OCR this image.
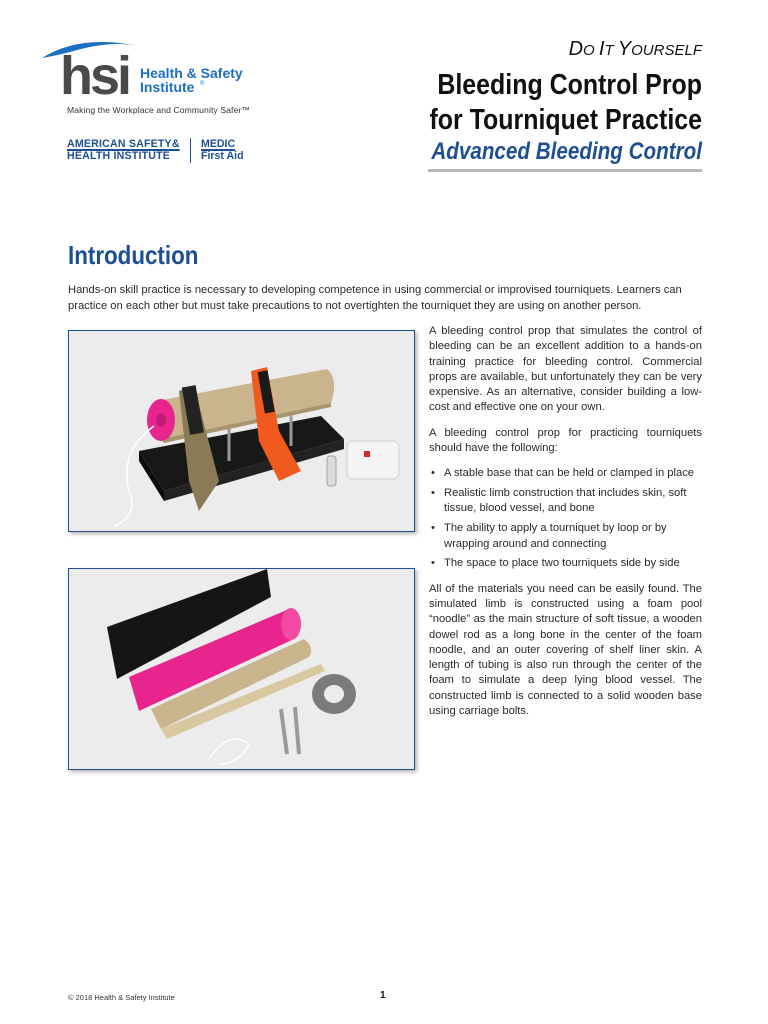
hsi Health & Safety
Institute ®
Making the Workplace and Community Safer™
AMERICAN SAFETY&
HEALTH INSTITUTE
MEDIC
First Aid
DO IT YOURSELF
Bleeding Control Prop
for Tourniquet Practice
Advanced Bleeding Control
Introduction
Hands-on skill practice is necessary to developing competence in using commercial or improvised tourniquets. Learners can practice on each other but must take precautions to not overtighten the tourniquet they are using on another person.

A bleeding control prop that simulates the control of bleeding can be an excellent addition to a hands-on training practice for bleeding control. Commercial props are available, but unfortunately they can be very expensive. As an alternative, consider building a low-cost and effective one on your own.

A bleeding control prop for practicing tourniquets should have the following:

• A stable base that can be held or clamped in place
• Realistic limb construction that includes skin, soft tissue, blood vessel, and bone
• The ability to apply a tourniquet by loop or by wrapping around and connecting
• The space to place two tourniquets side by side

All of the materials you need can be easily found. The simulated limb is constructed using a foam pool “noodle” as the main structure of soft tissue, a wooden dowel rod as a long bone in the center of the foam noodle, and an outer covering of shelf liner skin. A length of tubing is also run through the center of the foam to simulate a deep lying blood vessel. The constructed limb is connected to a solid wooden base using carriage bolts.

© 2018 Health & Safety Institute	1
